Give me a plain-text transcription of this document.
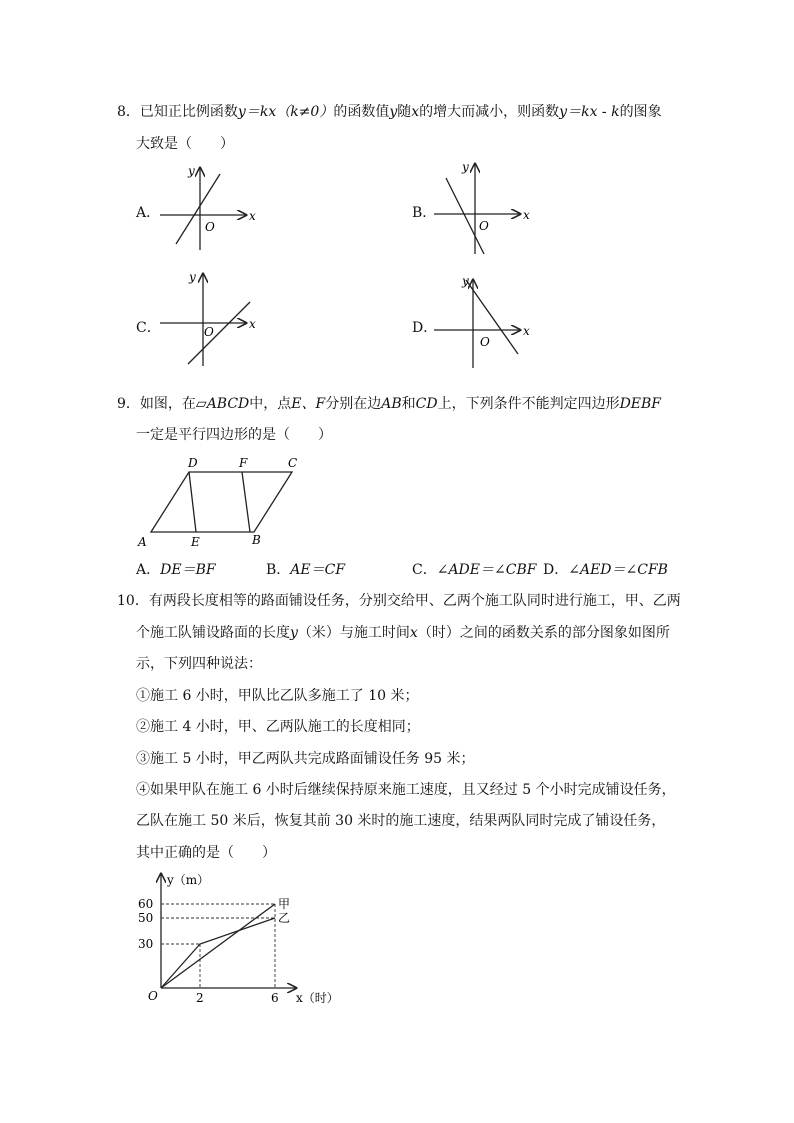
8．已知正比例函数y＝kx（k≠0）的函数值y随x的增大而减小，则函数y＝kx - k的图象
大致是（　　）
A．	x
y
O
B．	x
y
O
C．	x
y
O	D．	x
y
O
9．如图，在▱ABCD中，点E、F分别在边AB和CD上，下列条件不能判定四边形DEBF
一定是平行四边形的是（　　）
A	E	B
D	F	C
A．DE＝BF	B．AE＝CF	C．∠ADE＝∠CBF D．∠AED＝∠CFB
10．有两段长度相等的路面铺设任务，分别交给甲、乙两个施工队同时进行施工，甲、乙两
个施工队铺设路面的长度y（米）与施工时间x（时）之间的函数关系的部分图象如图所
示，下列四种说法：
①施工 6 小时，甲队比乙队多施工了 10 米；
②施工 4 小时，甲、乙两队施工的长度相同；
③施工 5 小时，甲乙两队共完成路面铺设任务 95 米；
④如果甲队在施工 6 小时后继续保持原来施工速度，且又经过 5 个小时完成铺设任务，
乙队在施工 50 米后，恢复其前 30 米时的施工速度，结果两队同时完成了铺设任务，
其中正确的是（　　）
y（m）
60
50
30
O	2	6 x（时）
甲
乙
